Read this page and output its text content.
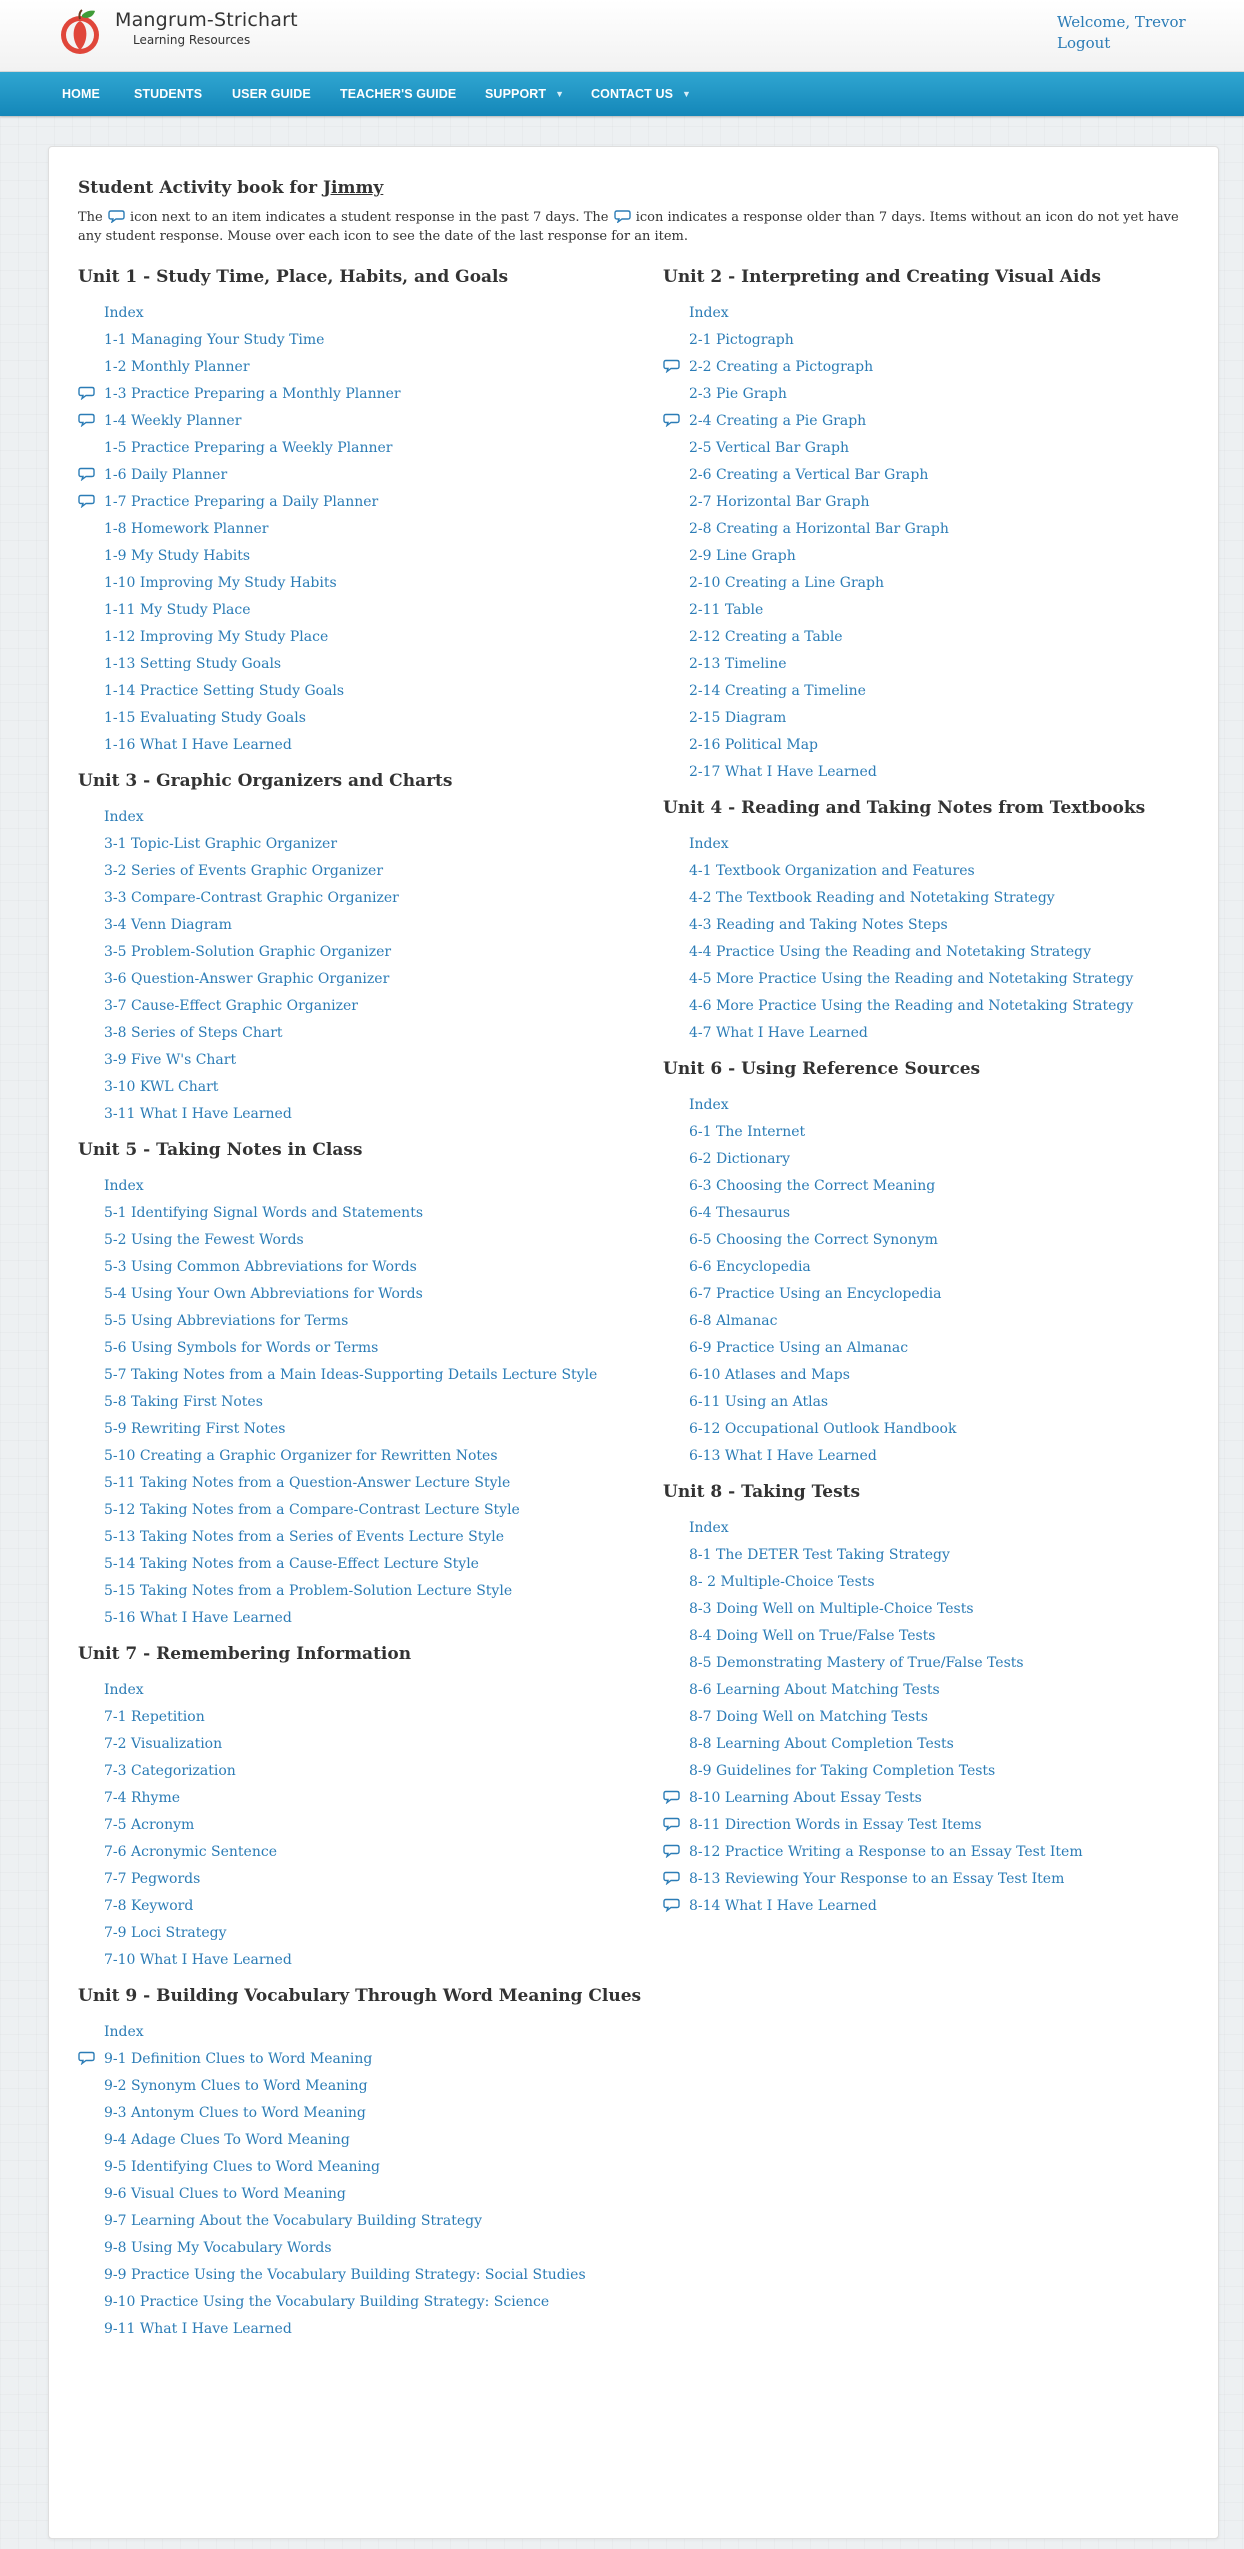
Mangrum-Strichart
Learning Resources
Welcome, Trevor
Logout
HOME	STUDENTS USER GUIDE TEACHER'S GUIDE SUPPORT ▼ CONTACT US ▼
Student Activity book for Jimmy

The  icon next to an item indicates a student response in the past 7 days. The  icon indicates a response older than 7 days. Items without an icon do not yet have any student response. Mouse over each icon to see the date of the last response for an item.

Unit 1 - Study Time, Place, Habits, and Goals
Index
1-1 Managing Your Study Time
1-2 Monthly Planner
1-3 Practice Preparing a Monthly Planner
1-4 Weekly Planner
1-5 Practice Preparing a Weekly Planner
1-6 Daily Planner
1-7 Practice Preparing a Daily Planner
1-8 Homework Planner
1-9 My Study Habits
1-10 Improving My Study Habits
1-11 My Study Place
1-12 Improving My Study Place
1-13 Setting Study Goals
1-14 Practice Setting Study Goals
1-15 Evaluating Study Goals
1-16 What I Have Learned
Unit 3 - Graphic Organizers and Charts
Index
3-1 Topic-List Graphic Organizer
3-2 Series of Events Graphic Organizer
3-3 Compare-Contrast Graphic Organizer
3-4 Venn Diagram
3-5 Problem-Solution Graphic Organizer
3-6 Question-Answer Graphic Organizer
3-7 Cause-Effect Graphic Organizer
3-8 Series of Steps Chart
3-9 Five W's Chart
3-10 KWL Chart
3-11 What I Have Learned
Unit 5 - Taking Notes in Class
Index
5-1 Identifying Signal Words and Statements
5-2 Using the Fewest Words
5-3 Using Common Abbreviations for Words
5-4 Using Your Own Abbreviations for Words
5-5 Using Abbreviations for Terms
5-6 Using Symbols for Words or Terms
5-7 Taking Notes from a Main Ideas-Supporting Details Lecture Style
5-8 Taking First Notes
5-9 Rewriting First Notes
5-10 Creating a Graphic Organizer for Rewritten Notes
5-11 Taking Notes from a Question-Answer Lecture Style
5-12 Taking Notes from a Compare-Contrast Lecture Style
5-13 Taking Notes from a Series of Events Lecture Style
5-14 Taking Notes from a Cause-Effect Lecture Style
5-15 Taking Notes from a Problem-Solution Lecture Style
5-16 What I Have Learned
Unit 7 - Remembering Information
Index
7-1 Repetition
7-2 Visualization
7-3 Categorization
7-4 Rhyme
7-5 Acronym
7-6 Acronymic Sentence
7-7 Pegwords
7-8 Keyword
7-9 Loci Strategy
7-10 What I Have Learned
Unit 9 - Building Vocabulary Through Word Meaning Clues
Index
9-1 Definition Clues to Word Meaning
9-2 Synonym Clues to Word Meaning
9-3 Antonym Clues to Word Meaning
9-4 Adage Clues To Word Meaning
9-5 Identifying Clues to Word Meaning
9-6 Visual Clues to Word Meaning
9-7 Learning About the Vocabulary Building Strategy
9-8 Using My Vocabulary Words
9-9 Practice Using the Vocabulary Building Strategy: Social Studies
9-10 Practice Using the Vocabulary Building Strategy: Science
9-11 What I Have Learned
Unit 2 - Interpreting and Creating Visual Aids
Index
2-1 Pictograph
2-2 Creating a Pictograph
2-3 Pie Graph
2-4 Creating a Pie Graph
2-5 Vertical Bar Graph
2-6 Creating a Vertical Bar Graph
2-7 Horizontal Bar Graph
2-8 Creating a Horizontal Bar Graph
2-9 Line Graph
2-10 Creating a Line Graph
2-11 Table
2-12 Creating a Table
2-13 Timeline
2-14 Creating a Timeline
2-15 Diagram
2-16 Political Map
2-17 What I Have Learned
Unit 4 - Reading and Taking Notes from Textbooks
Index
4-1 Textbook Organization and Features
4-2 The Textbook Reading and Notetaking Strategy
4-3 Reading and Taking Notes Steps
4-4 Practice Using the Reading and Notetaking Strategy
4-5 More Practice Using the Reading and Notetaking Strategy
4-6 More Practice Using the Reading and Notetaking Strategy
4-7 What I Have Learned
Unit 6 - Using Reference Sources
Index
6-1 The Internet
6-2 Dictionary
6-3 Choosing the Correct Meaning
6-4 Thesaurus
6-5 Choosing the Correct Synonym
6-6 Encyclopedia
6-7 Practice Using an Encyclopedia
6-8 Almanac
6-9 Practice Using an Almanac
6-10 Atlases and Maps
6-11 Using an Atlas
6-12 Occupational Outlook Handbook
6-13 What I Have Learned
Unit 8 - Taking Tests
Index
8-1 The DETER Test Taking Strategy
8- 2 Multiple-Choice Tests
8-3 Doing Well on Multiple-Choice Tests
8-4 Doing Well on True/False Tests
8-5 Demonstrating Mastery of True/False Tests
8-6 Learning About Matching Tests
8-7 Doing Well on Matching Tests
8-8 Learning About Completion Tests
8-9 Guidelines for Taking Completion Tests
8-10 Learning About Essay Tests
8-11 Direction Words in Essay Test Items
8-12 Practice Writing a Response to an Essay Test Item
8-13 Reviewing Your Response to an Essay Test Item
8-14 What I Have Learned
